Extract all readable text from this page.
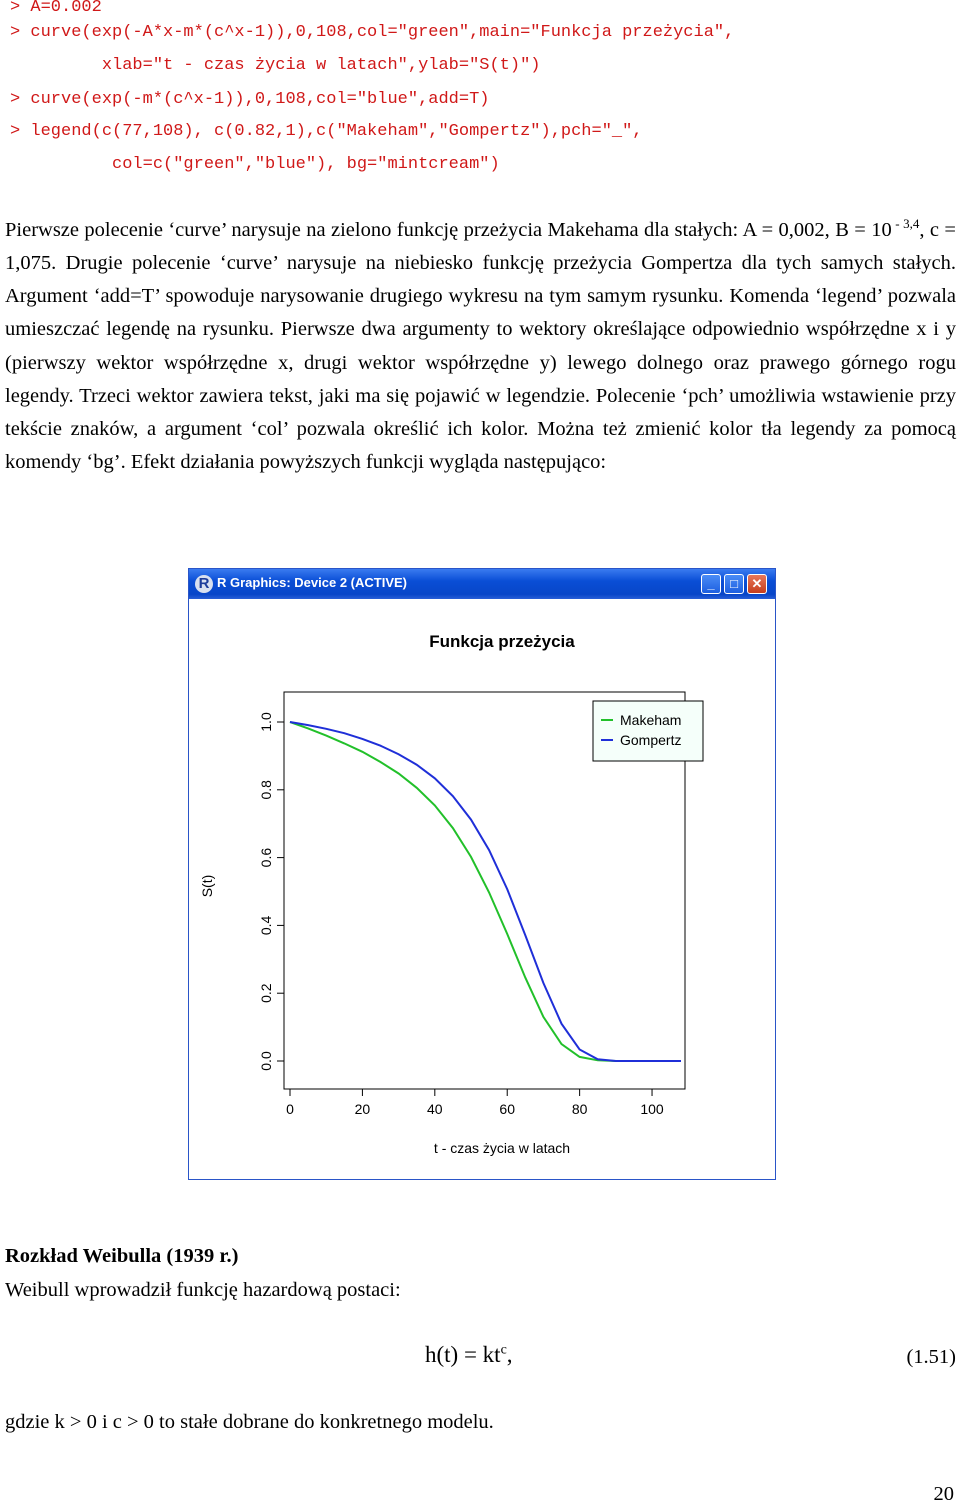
> A=0.002
> curve(exp(-A*x-m*(c^x-1)),0,108,col="green",main="Funkcja przeżycia",
xlab="t - czas życia w latach",ylab="S(t)")
> curve(exp(-m*(c^x-1)),0,108,col="blue",add=T)
> legend(c(77,108), c(0.82,1),c("Makeham","Gompertz"),pch="_",
col=c("green","blue"), bg="mintcream")

Pierwsze polecenie ‘curve’ narysuje na zielono funkcję przeżycia Makehama dla stałych: A = 0,002, B = 10 $^{- 3,4}$, c = 1,075. Drugie polecenie ‘curve’ narysuje na niebiesko funkcję przeżycia Gompertza dla tych samych stałych. Argument ‘add=T’ spowoduje narysowanie drugiego wykresu na tym samym rysunku. Komenda ‘legend’ pozwala umieszczać legendę na rysunku. Pierwsze dwa argumenty to wektory określające odpowiednio współrzędne x i y (pierwszy wektor współrzędne x, drugi wektor współrzędne y) lewego dolnego oraz prawego górnego rogu legendy. Trzeci wektor zawiera tekst, jaki ma się pojawić w legendzie. Polecenie ‘pch’ umożliwia wstawienie przy tekście znaków, a argument ‘col’ pozwala określić ich kolor. Można też zmienić kolor tła legendy za pomocą komendy ‘bg’. Efekt działania powyższych funkcji wygląda następująco:

R R Graphics: Device 2 (ACTIVE)	_	□	✕
Funkcja przeżycia
t - czas życia w latach
S(t)
0	20	40	60	80	100
0.0
0.2
0.4
0.6
0.8
1.0	Makeham
Gompertz
Rozkład Weibulla (1939 r.)
Weibull wprowadził funkcję hazardową postaci:
$h(t) = kt^c$,	(1.51)
gdzie k > 0 i c > 0 to stałe dobrane do konkretnego modelu.
20
